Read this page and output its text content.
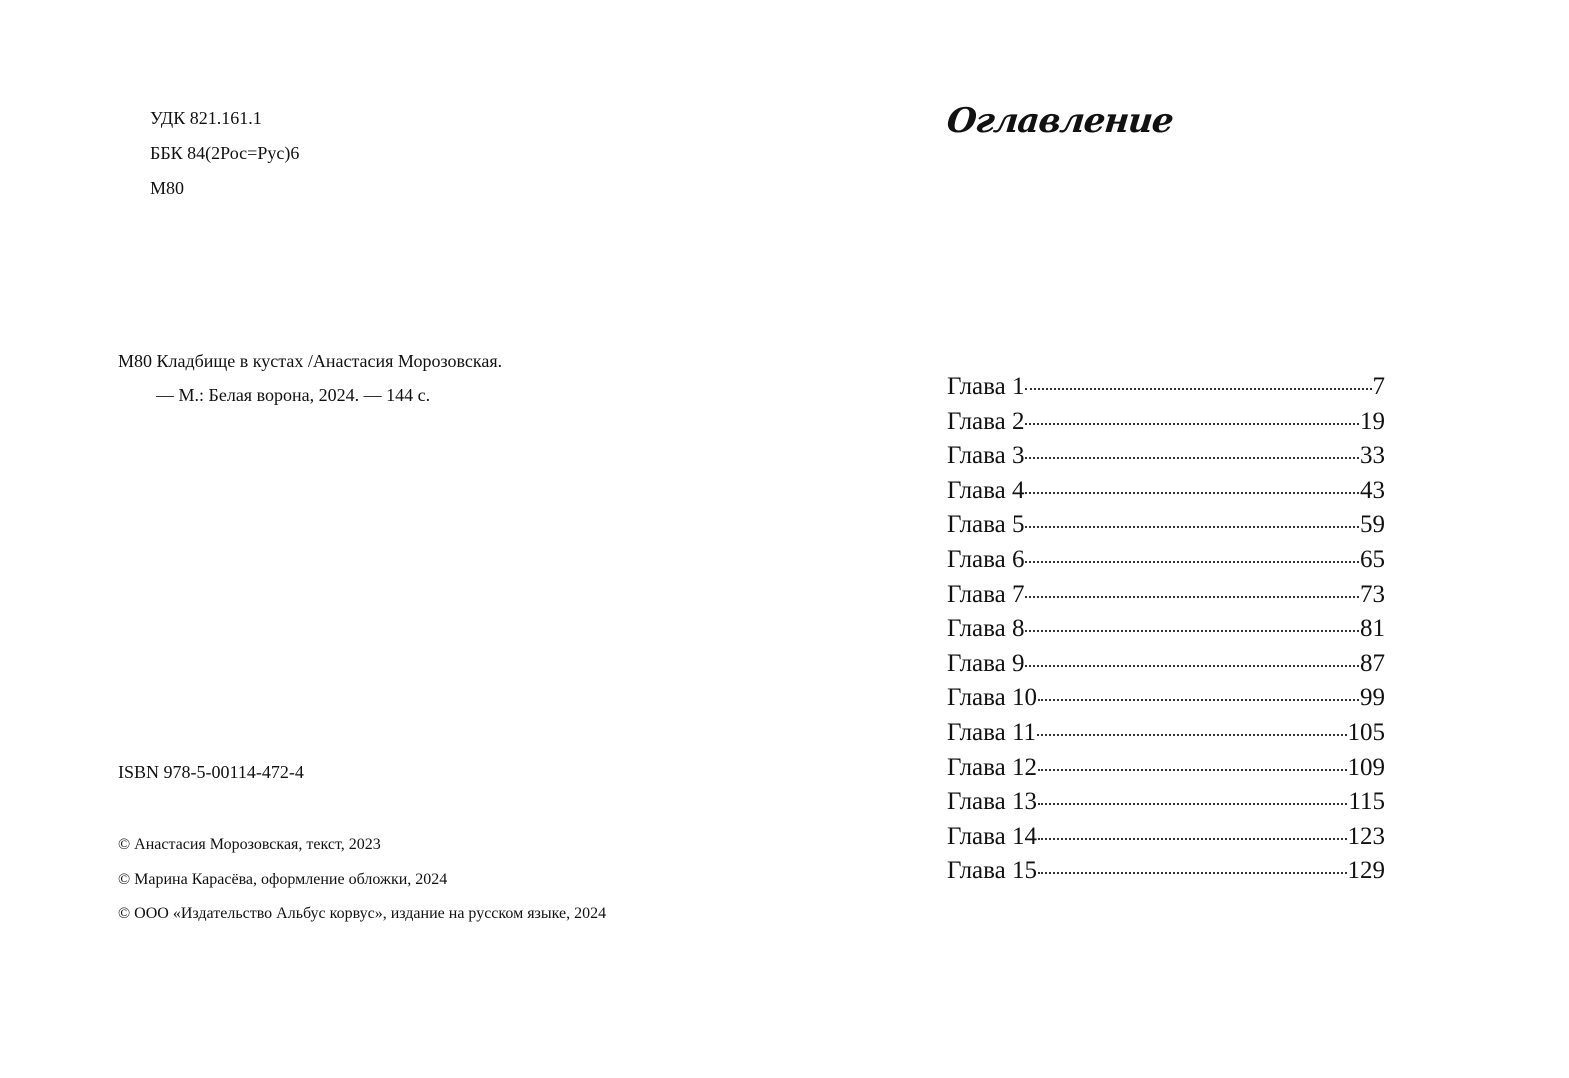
УДК 821.161.1
ББК 84(2Рос=Рус)6
М80
М80 Кладбище в кустах /Анастасия Морозовская.
— М.: Белая ворона, 2024. — 144 с.
ISBN 978-5-00114-472-4
© Анастасия Морозовская, текст, 2023
© Марина Карасёва, оформление обложки, 2024
© ООО «Издательство Альбус корвус», издание на русском языке, 2024
Оглавление
Глава 1	7
Глава 2	19
Глава 3	33
Глава 4	43
Глава 5	59
Глава 6	65
Глава 7	73
Глава 8	81
Глава 9	87
Глава 10	99
Глава 11	105
Глава 12	109
Глава 13	115
Глава 14	123
Глава 15	129
